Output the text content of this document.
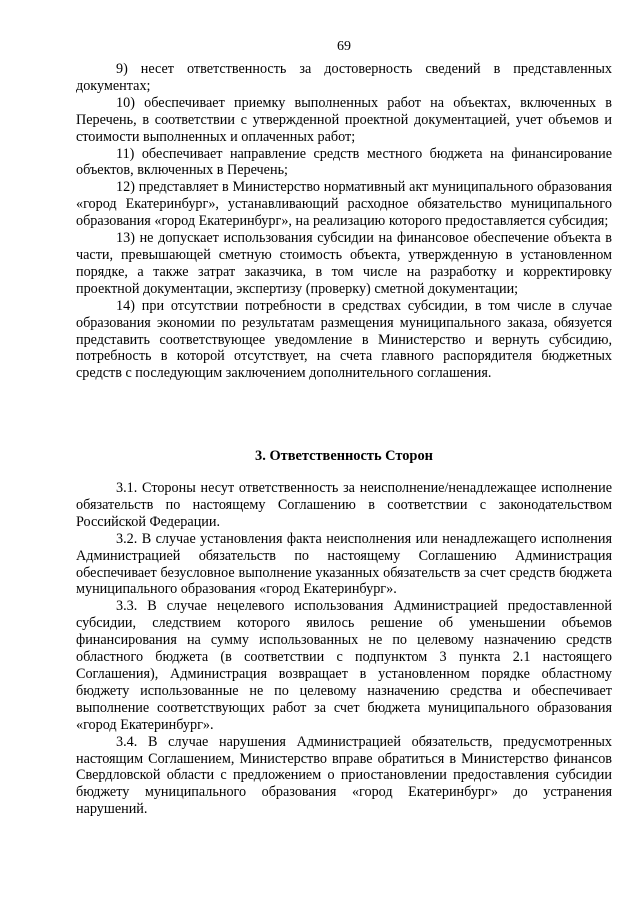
69

9) несет ответственность за достоверность сведений в представленных документах;

10) обеспечивает приемку выполненных работ на объектах, включенных в Перечень, в соответствии с утвержденной проектной документацией, учет объемов и стоимости выполненных и оплаченных работ;

11) обеспечивает направление средств местного бюджета на финансирование объектов, включенных в Перечень;

12) представляет в Министерство нормативный акт муниципального образования «город Екатеринбург», устанавливающий расходное обязательство муниципального образования «город Екатеринбург», на реализацию которого предоставляется субсидия;

13) не допускает использования субсидии на финансовое обеспечение объекта в части, превышающей сметную стоимость объекта, утвержденную в установленном порядке, а также затрат заказчика, в том числе на разработку и корректировку проектной документации, экспертизу (проверку) сметной документации;

14) при отсутствии потребности в средствах субсидии, в том числе в случае образования экономии по результатам размещения муниципального заказа, обязуется представить соответствующее уведомление в Министерство и вернуть субсидию, потребность в которой отсутствует, на счета главного распорядителя бюджетных средств с последующим заключением дополнительного соглашения.

3. Ответственность Сторон

3.1. Стороны несут ответственность за неисполнение/ненадлежащее исполнение обязательств по настоящему Соглашению в соответствии с законодательством Российской Федерации.

3.2. В случае установления факта неисполнения или ненадлежащего исполнения Администрацией обязательств по настоящему Соглашению Администрация обеспечивает безусловное выполнение указанных обязательств за счет средств бюджета муниципального образования «город Екатеринбург».

3.3. В случае нецелевого использования Администрацией предоставленной субсидии, следствием которого явилось решение об уменьшении объемов финансирования на сумму использованных не по целевому назначению средств областного бюджета (в соответствии с подпунктом 3 пункта 2.1 настоящего Соглашения), Администрация возвращает в установленном порядке областному бюджету использованные не по целевому назначению средства и обеспечивает выполнение соответствующих работ за счет бюджета муниципального образования «город Екатеринбург».

3.4. В случае нарушения Администрацией обязательств, предусмотренных настоящим Соглашением, Министерство вправе обратиться в Министерство финансов Свердловской области с предложением о приостановлении предоставления субсидии бюджету муниципального образования «город Екатеринбург» до устранения нарушений.
